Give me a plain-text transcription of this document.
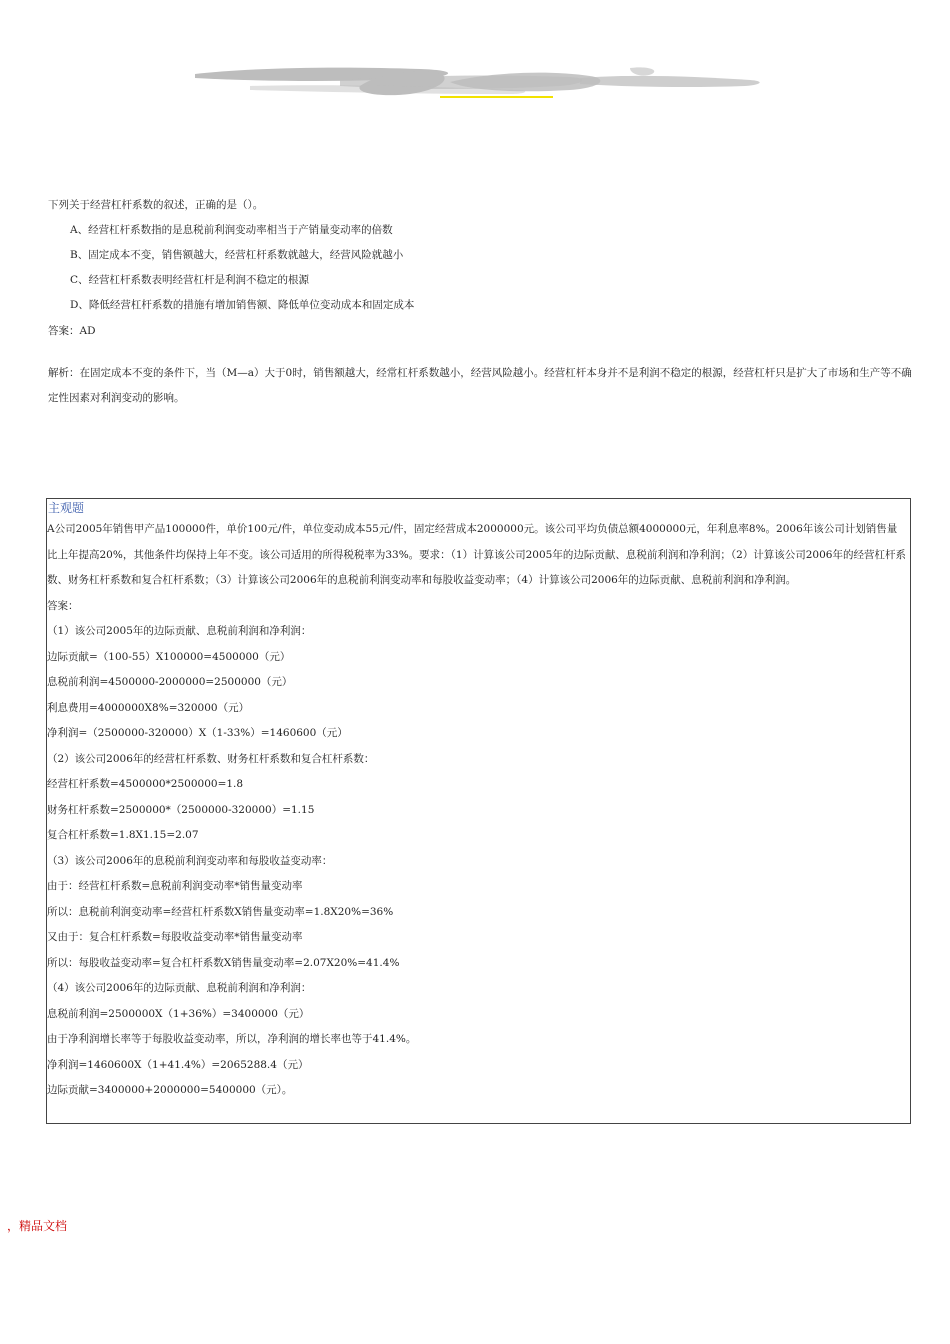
下列关于经营杠杆系数的叙述，正确的是（）。
A、经营杠杆系数指的是息税前利润变动率相当于产销量变动率的倍数
B、固定成本不变，销售额越大，经营杠杆系数就越大，经营风险就越小
C、经营杠杆系数表明经营杠杆是利润不稳定的根源
D、降低经营杠杆系数的措施有增加销售额、降低单位变动成本和固定成本
答案：AD
解析：在固定成本不变的条件下，当（M—a）大于0时，销售额越大，经常杠杆系数越小，经营风险越小。经营杠杆本身并不是利润不稳定的根源，经营杠杆只是扩大了市场和生产等不确定性因素对利润变动的影响。
主观题
A公司2005年销售甲产品100000件，单价100元/件，单位变动成本55元/件，固定经营成本2000000元。该公司平均负债总额4000000元，年利息率8%。2006年该公司计划销售量比上年提高20%，其他条件均保持上年不变。该公司适用的所得税税率为33%。要求：（1）计算该公司2005年的边际贡献、息税前利润和净利润；（2）计算该公司2006年的经营杠杆系数、财务杠杆系数和复合杠杆系数；（3）计算该公司2006年的息税前利润变动率和每股收益变动率；（4）计算该公司2006年的边际贡献、息税前利润和净利润。
答案：
（1）该公司2005年的边际贡献、息税前利润和净利润：
边际贡献=（100-55）X100000=4500000（元）
息税前利润=4500000-2000000=2500000（元）
利息费用=4000000X8%=320000（元）
净利润=（2500000-320000）X（1-33%）=1460600（元）
（2）该公司2006年的经营杠杆系数、财务杠杆系数和复合杠杆系数：
经营杠杆系数=4500000*2500000=1.8
财务杠杆系数=2500000*（2500000-320000）=1.15
复合杠杆系数=1.8X1.15=2.07
（3）该公司2006年的息税前利润变动率和每股收益变动率：
由于：经营杠杆系数=息税前利润变动率*销售量变动率
所以：息税前利润变动率=经营杠杆系数X销售量变动率=1.8X20%=36%
又由于：复合杠杆系数=每股收益变动率*销售量变动率
所以：每股收益变动率=复合杠杆系数X销售量变动率=2.07X20%=41.4%
（4）该公司2006年的边际贡献、息税前利润和净利润：
息税前利润=2500000X（1+36%）=3400000（元）
由于净利润增长率等于每股收益变动率，所以，净利润的增长率也等于41.4%。
净利润=1460600X（1+41.4%）=2065288.4（元）
边际贡献=3400000+2000000=5400000（元）。
，精品文档
